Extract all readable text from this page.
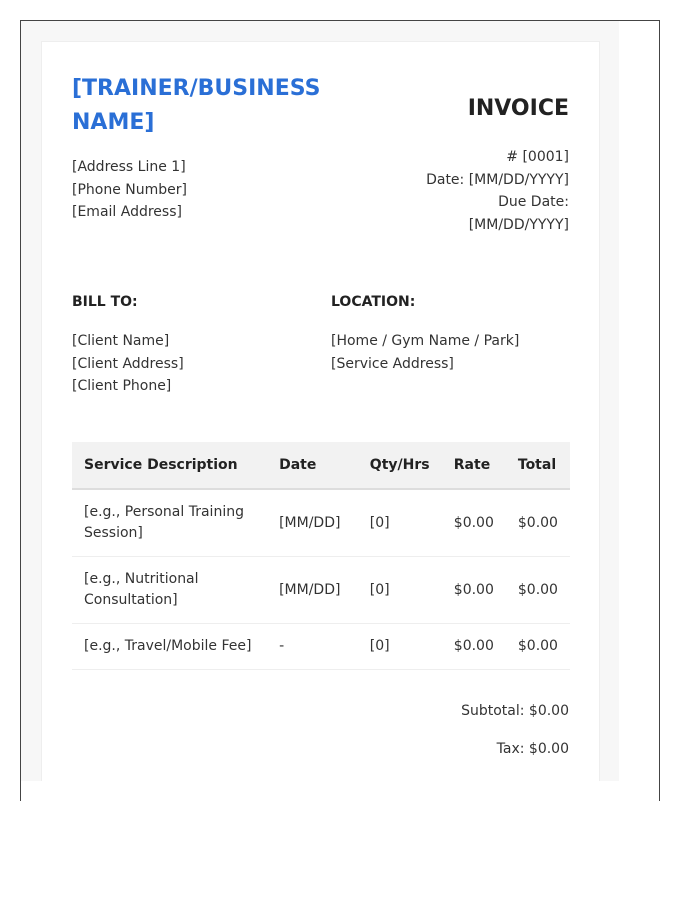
[TRAINER/BUSINESS NAME]
[Address Line 1]
[Phone Number]
[Email Address]
INVOICE
# [0001]
Date: [MM/DD/YYYY]
Due Date:
[MM/DD/YYYY]
BILL TO:
[Client Name]
[Client Address]
[Client Phone]
LOCATION:
[Home / Gym Name / Park]
[Service Address]
Service Description	Date	Qty/Hrs	Rate	Total
[e.g., Personal Training Session]	[MM/DD]	[0]	$0.00	$0.00
[e.g., Nutritional Consultation]	[MM/DD]	[0]	$0.00	$0.00
[e.g., Travel/Mobile Fee]	-	[0]	$0.00	$0.00
Subtotal: $0.00
Tax: $0.00
